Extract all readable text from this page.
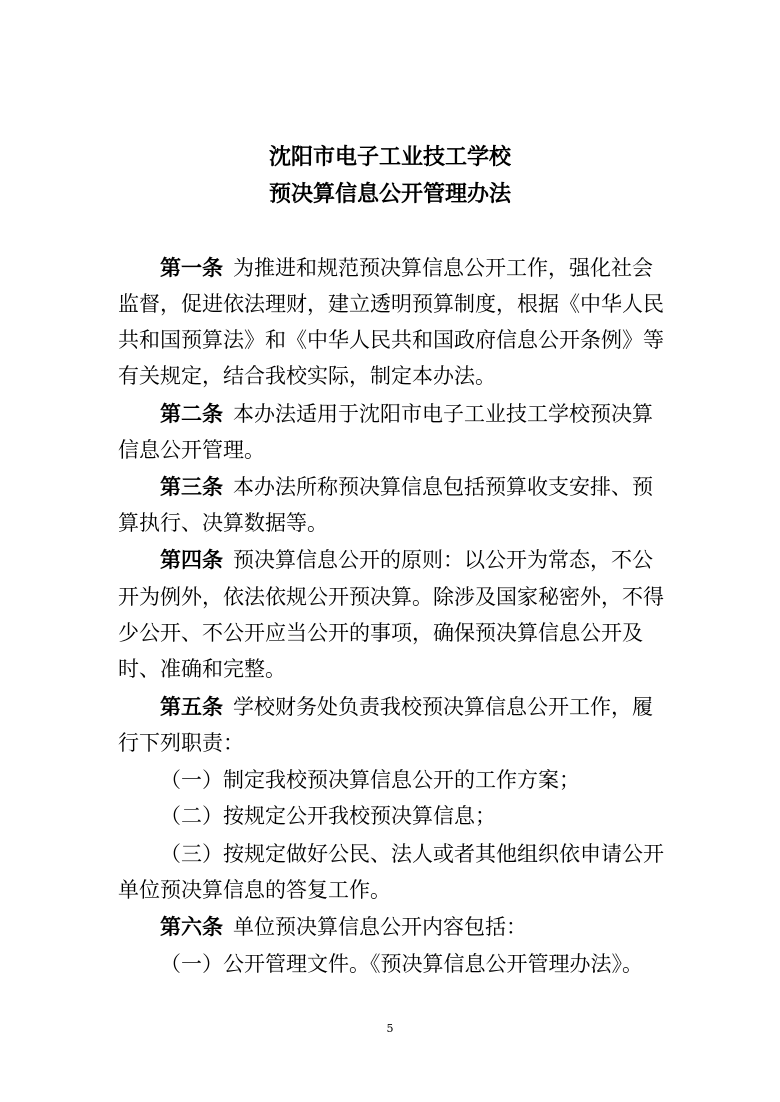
沈阳市电子工业技工学校
预决算信息公开管理办法
第一条 为推进和规范预决算信息公开工作，强化社会
监督，促进依法理财，建立透明预算制度，根据《中华人民
共和国预算法》和《中华人民共和国政府信息公开条例》等
有关规定，结合我校实际，制定本办法。
第二条 本办法适用于沈阳市电子工业技工学校预决算
信息公开管理。
第三条 本办法所称预决算信息包括预算收支安排、预
算执行、决算数据等。
第四条 预决算信息公开的原则：以公开为常态，不公
开为例外，依法依规公开预决算。除涉及国家秘密外，不得
少公开、不公开应当公开的事项，确保预决算信息公开及
时、准确和完整。
第五条 学校财务处负责我校预决算信息公开工作，履
行下列职责：
（一）制定我校预决算信息公开的工作方案；
（二）按规定公开我校预决算信息；
（三）按规定做好公民、法人或者其他组织依申请公开
单位预决算信息的答复工作。
第六条 单位预决算信息公开内容包括：
（一）公开管理文件。《预决算信息公开管理办法》。
5
